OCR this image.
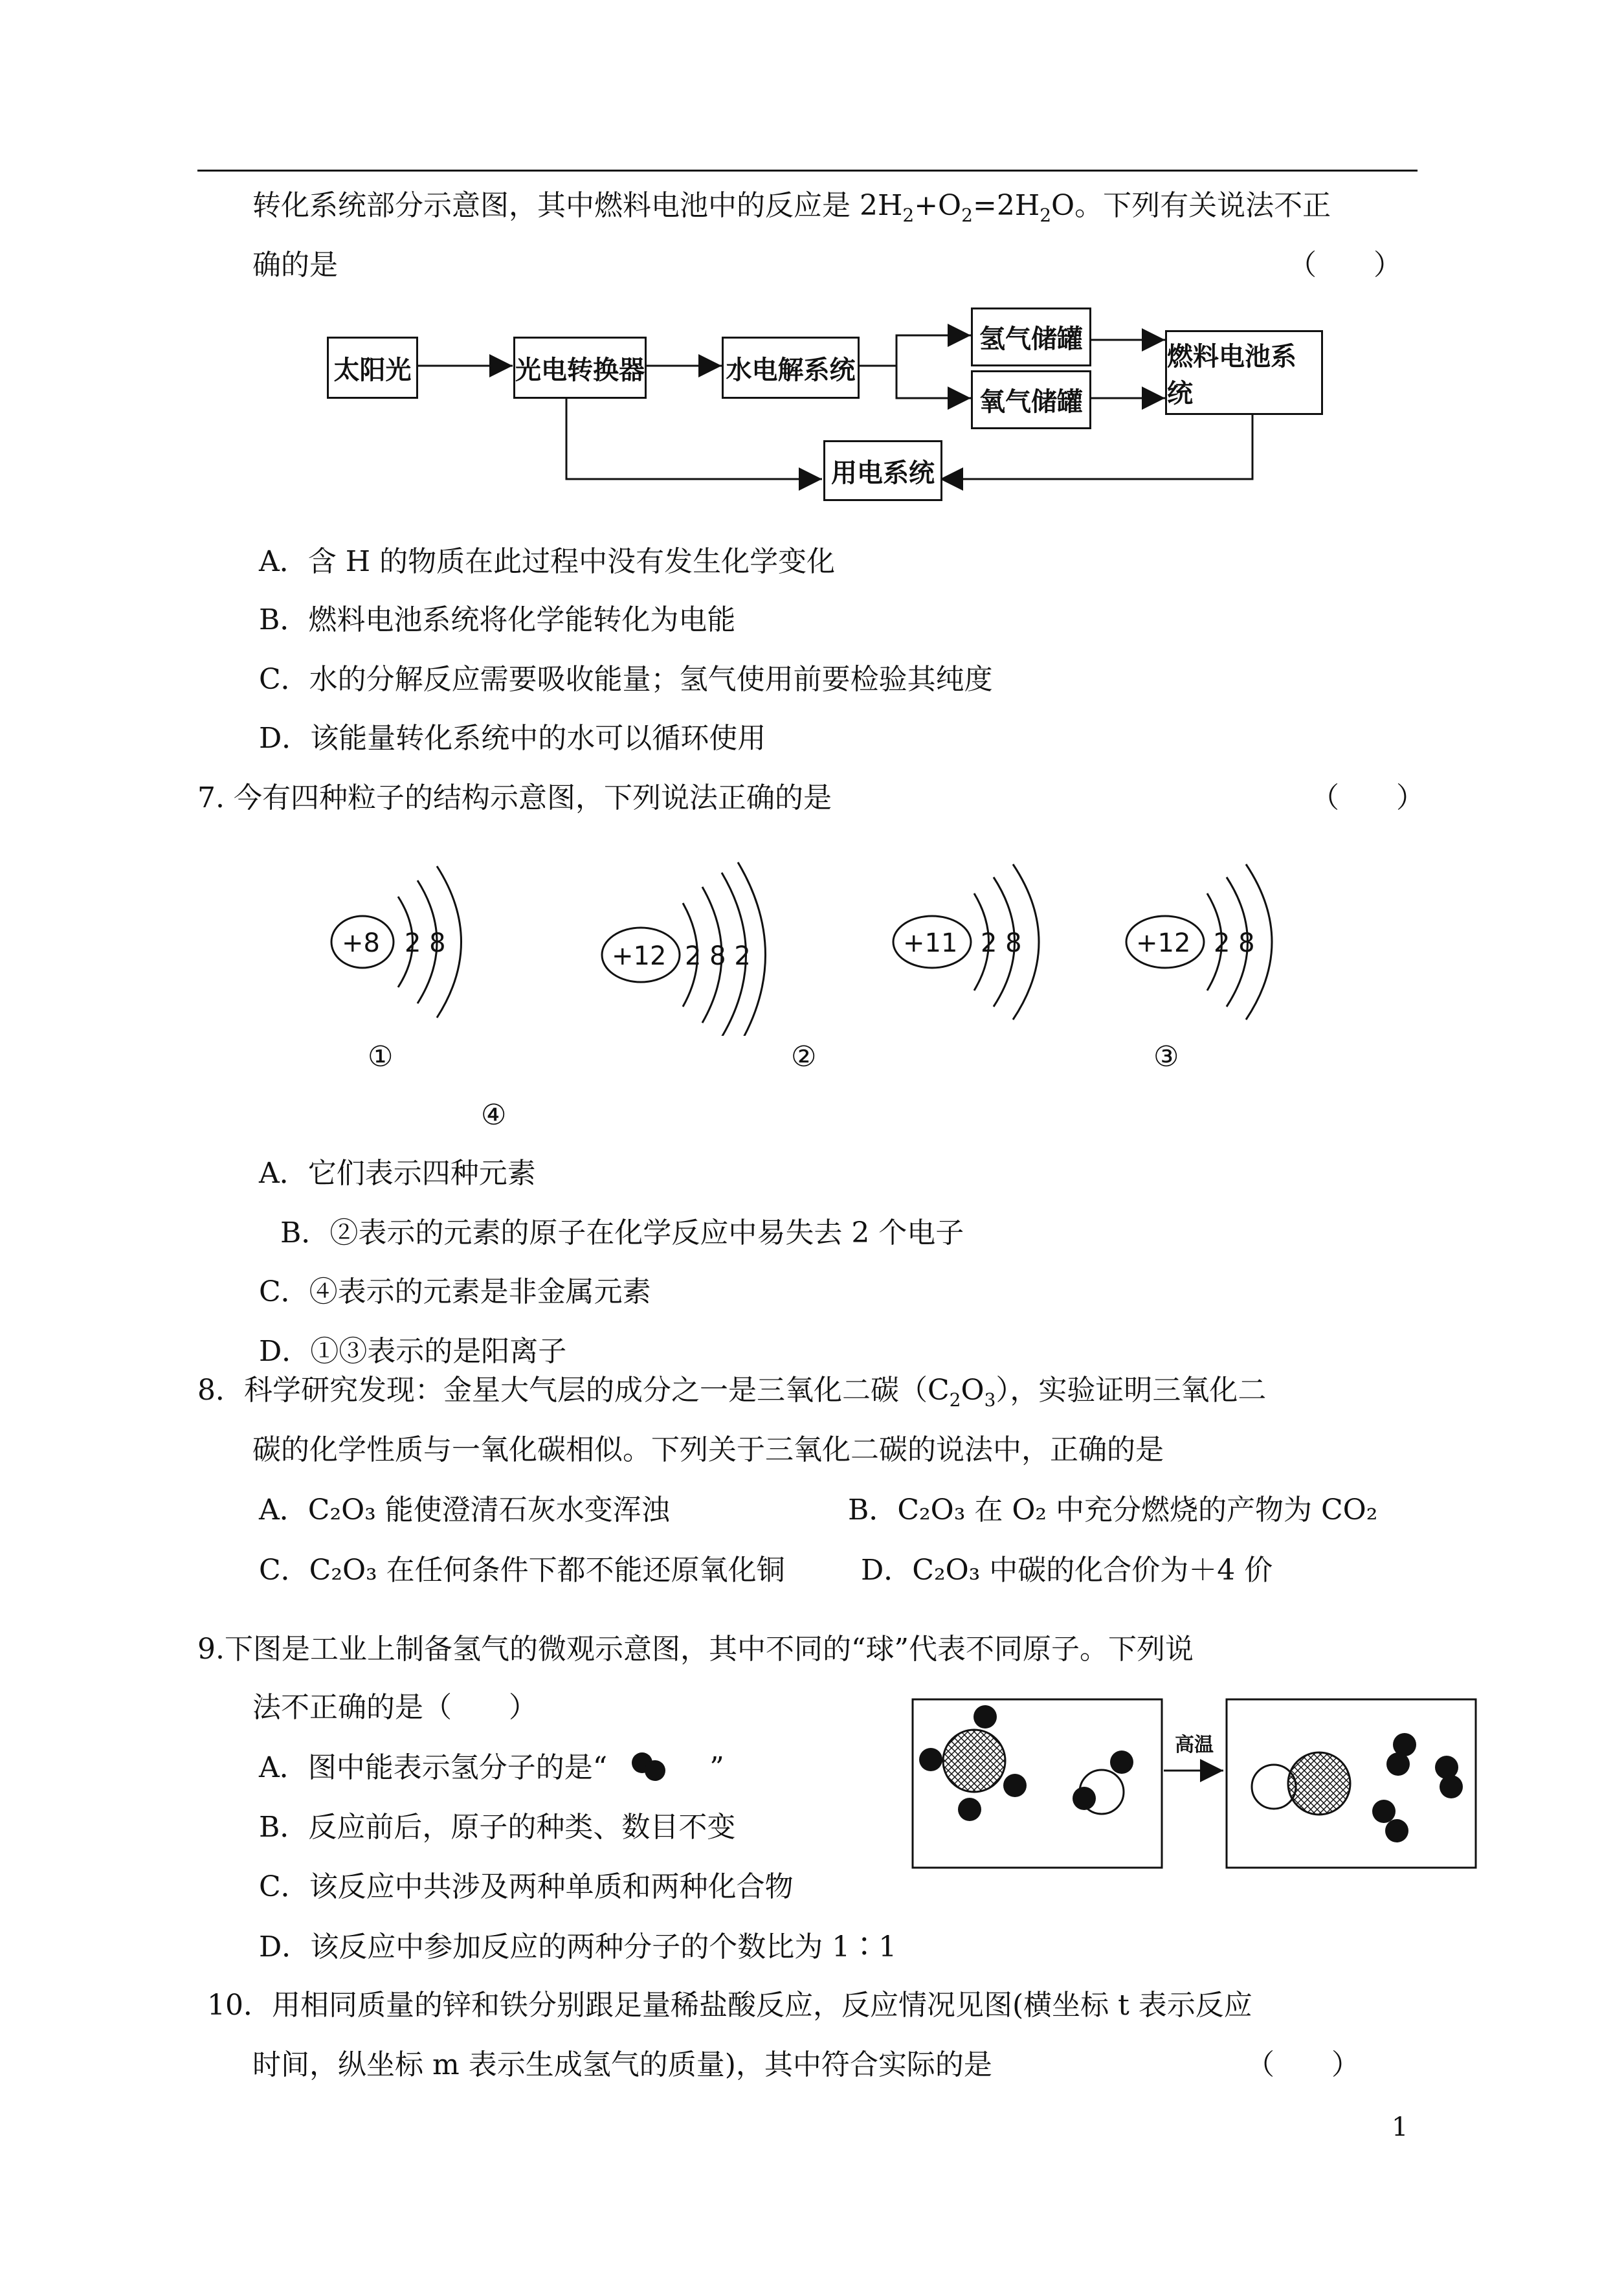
转化系统部分示意图，其中燃料电池中的反应是 $2H_2+O_2=2H_2O$。下列有关说法不正
确的是	（　　）
太阳光	光电转换器	水电解系统
氢气储罐
氧气储罐
燃料电池系统
用电系统
A．含 H 的物质在此过程中没有发生化学变化
B．燃料电池系统将化学能转化为电能
C．水的分解反应需要吸收能量；氢气使用前要检验其纯度
D．该能量转化系统中的水可以循环使用
7. 今有四种粒子的结构示意图，下列说法正确的是	（　　）
+8 2 8	+12 2 8 2	+11 2 8	+12 2 8
①	②	③
④
A．它们表示四种元素
B．②表示的元素的原子在化学反应中易失去 2 个电子
C．④表示的元素是非金属元素
D．①③表示的是阳离子
8．科学研究发现：金星大气层的成分之一是三氧化二碳$(C_2O_3)$，实验证明三氧化二
碳的化学性质与一氧化碳相似。下列关于三氧化二碳的说法中，正确的是
A．C₂O₃ 能使澄清石灰水变浑浊	B．C₂O₃ 在 O₂ 中充分燃烧的产物为 CO₂
C．C₂O₃ 在任何条件下都不能还原氧化铜	D．C₂O₃ 中碳的化合价为＋4 价
9.下图是工业上制备氢气的微观示意图，其中不同的“球”代表不同原子。下列说
法不正确的是（　　）
A．图中能表示氢分子的是“	”
B．反应前后，原子的种类、数目不变
C．该反应中共涉及两种单质和两种化合物
D．该反应中参加反应的两种分子的个数比为 1∶1
高温
10．用相同质量的锌和铁分别跟足量稀盐酸反应，反应情况见图(横坐标 t 表示反应
时间，纵坐标 m 表示生成氢气的质量)，其中符合实际的是	（　　）
1
